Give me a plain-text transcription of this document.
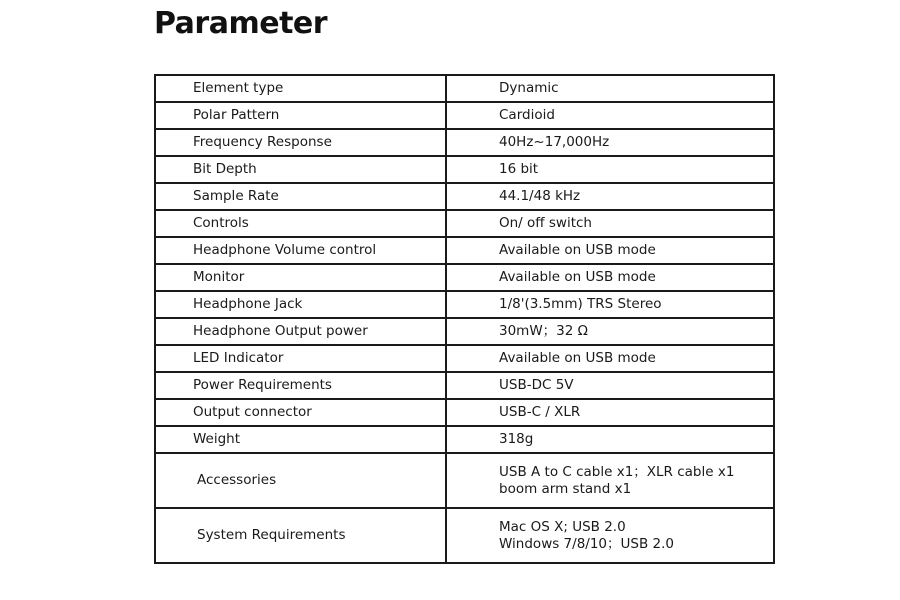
Parameter
Element type	Dynamic

Polar Pattern	Cardioid

Frequency Response	40Hz~17,000Hz

Bit Depth	16 bit

Sample Rate	44.1/48 kHz

Controls	On/ off switch

Headphone Volume control	Available on USB mode

Monitor	Available on USB mode

Headphone Jack	1/8'(3.5mm) TRS Stereo

Headphone Output power	30mW；32 Ω

LED Indicator	Available on USB mode

Power Requirements	USB-DC 5V

Output connector	USB-C / XLR

Weight	318g

Accessories	USB A to C cable x1；XLR cable x1
boom arm stand x1

System Requirements	Mac OS X; USB 2.0
Windows 7/8/10；USB 2.0
